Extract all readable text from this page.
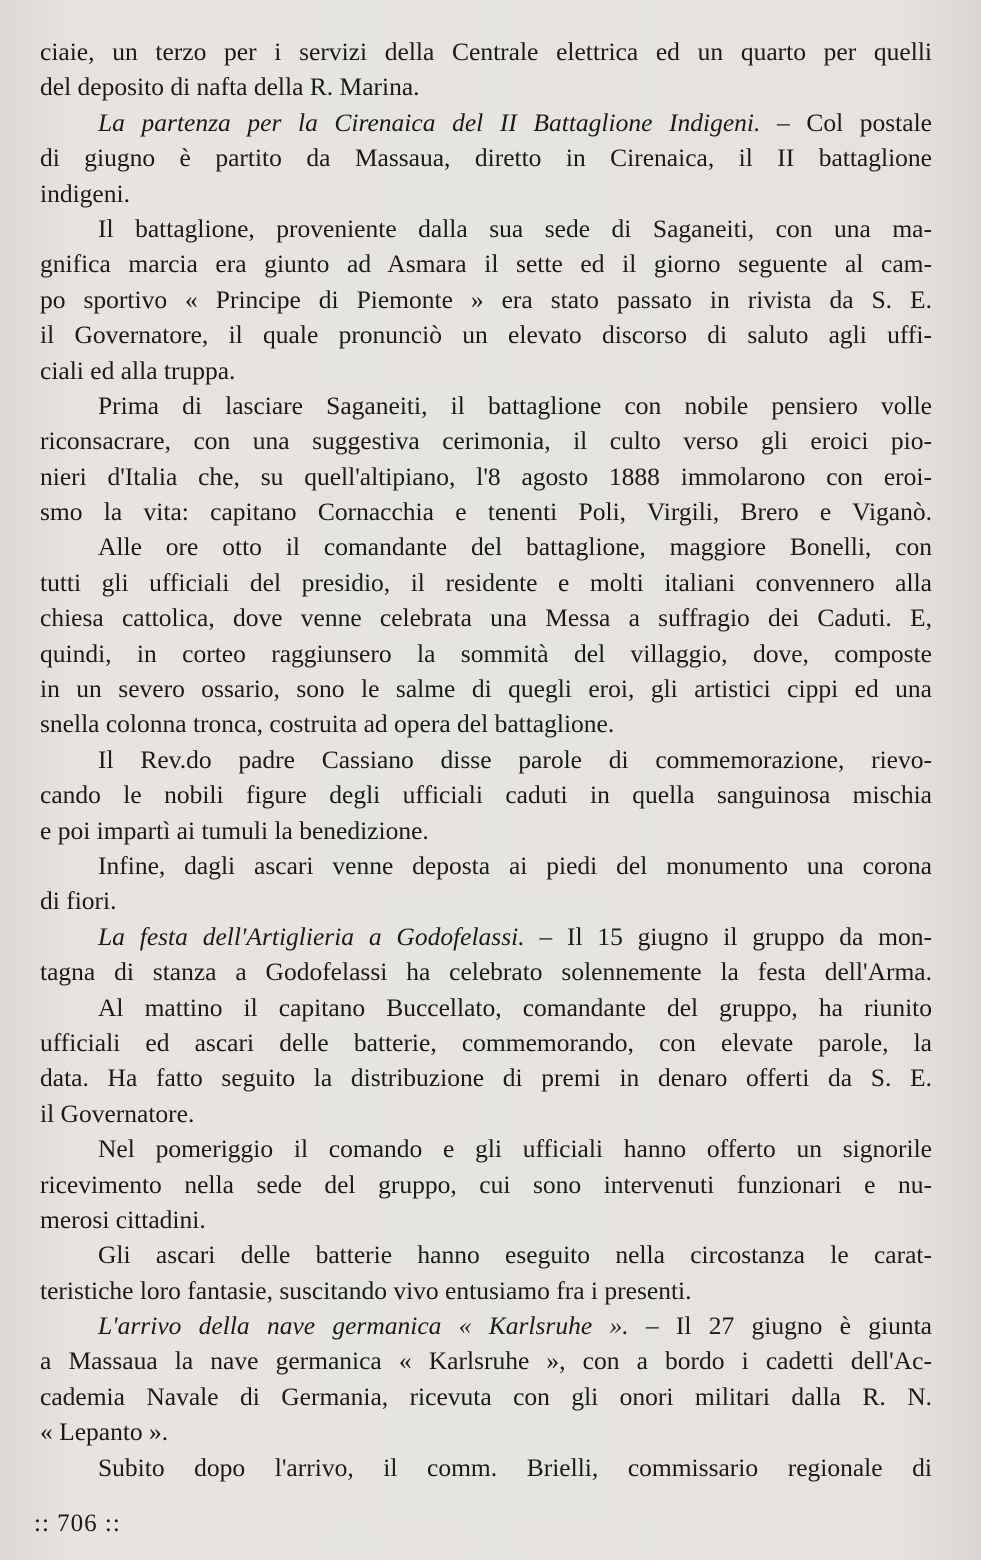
ciaie, un terzo per i servizi della Centrale elettrica ed un quarto per quelli
del deposito di nafta della R. Marina.
La partenza per la Cirenaica del II Battaglione Indigeni. – Col postale
di giugno è partito da Massaua, diretto in Cirenaica, il II battaglione
indigeni.
Il battaglione, proveniente dalla sua sede di Saganeiti, con una ma-
gnifica marcia era giunto ad Asmara il sette ed il giorno seguente al cam-
po sportivo « Principe di Piemonte » era stato passato in rivista da S. E.
il Governatore, il quale pronunciò un elevato discorso di saluto agli uffi-
ciali ed alla truppa.
Prima di lasciare Saganeiti, il battaglione con nobile pensiero volle
riconsacrare, con una suggestiva cerimonia, il culto verso gli eroici pio-
nieri d'Italia che, su quell'altipiano, l'8 agosto 1888 immolarono con eroi-
smo la vita: capitano Cornacchia e tenenti Poli, Virgili, Brero e Viganò.
Alle ore otto il comandante del battaglione, maggiore Bonelli, con
tutti gli ufficiali del presidio, il residente e molti italiani convennero alla
chiesa cattolica, dove venne celebrata una Messa a suffragio dei Caduti. E,
quindi, in corteo raggiunsero la sommità del villaggio, dove, composte
in un severo ossario, sono le salme di quegli eroi, gli artistici cippi ed una
snella colonna tronca, costruita ad opera del battaglione.
Il Rev.do padre Cassiano disse parole di commemorazione, rievo-
cando le nobili figure degli ufficiali caduti in quella sanguinosa mischia
e poi impartì ai tumuli la benedizione.
Infine, dagli ascari venne deposta ai piedi del monumento una corona
di fiori.
La festa dell'Artiglieria a Godofelassi. – Il 15 giugno il gruppo da mon-
tagna di stanza a Godofelassi ha celebrato solennemente la festa dell'Arma.
Al mattino il capitano Buccellato, comandante del gruppo, ha riunito
ufficiali ed ascari delle batterie, commemorando, con elevate parole, la
data. Ha fatto seguito la distribuzione di premi in denaro offerti da S. E.
il Governatore.
Nel pomeriggio il comando e gli ufficiali hanno offerto un signorile
ricevimento nella sede del gruppo, cui sono intervenuti funzionari e nu-
merosi cittadini.
Gli ascari delle batterie hanno eseguito nella circostanza le carat-
teristiche loro fantasie, suscitando vivo entusiamo fra i presenti.
L'arrivo della nave germanica « Karlsruhe ». – Il 27 giugno è giunta
a Massaua la nave germanica « Karlsruhe », con a bordo i cadetti dell'Ac-
cademia Navale di Germania, ricevuta con gli onori militari dalla R. N.
« Lepanto ».
Subito dopo l'arrivo, il comm. Brielli, commissario regionale di
:: 706 ::
